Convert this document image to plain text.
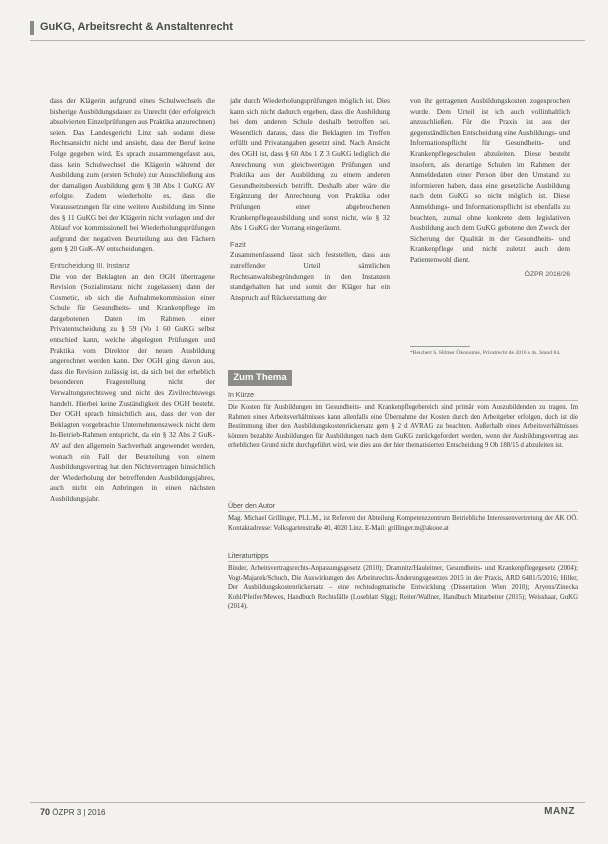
GuKG, Arbeitsrecht & Anstaltenrecht

dass der Klägerin aufgrund eines Schulwechsels die bisherige Ausbildungsdauer zu Unrecht (der erfolgreich absolvierten Einzelprüfungen aus Praktika anzurechnen) seien. Das Landesgericht Linz sah sodann diese Rechtsansicht nicht und ansieht, dass der Beruf keine Folge gegeben wird. Es sprach zusammengefasst aus, dass kein Schulwechsel die Klägerin während der Ausbildung zum (ersten Schule) zur Ausschließung aus der damaligen Ausbildung gem § 38 Abs 1 GuKG AV erfolgte. Zudem wiederholte es, dass die Voraussetzungen für eine weitere Ausbildung im Sinne des § 11 GuKG bei der Klägerin nicht vorlagen und der Ablauf vor kommissionell bei Wiederholungsprüfungen aufgrund der negativen Beurteilung aus den Fächern gem § 20 GuK-AV entscheidungen.

Entscheidung III. Instanz

Die von der Beklagten an den OGH übertragene Revision (Sozialinstanz nicht zugelassen) dann der Cosmetic, ob sich die Aufnahmekommission einer Schule für Gesundheits- und Krankenpflege im dargebotenen Daten im Rahmen einer Privatentscheidung zu § 59 (Vo 1 60 GuKG selbst entschied kann, welche abgelegten Prüfungen und Praktika vom Direktor der neuen Ausbildung angerechnet werden kann. Der OGH ging davon aus, dass die Revision zulässig ist, da sich bei der erheblich besonderen Fragestellung nicht der Verwaltungsrechtsweg und nicht des Zivilrechtswegs handelt. Hierbei keine Zuständigkeit des OGH besteht. Der OGH sprach hinsichtlich aus, dass der von der Beklagten vorgebrachte Unternehmenszweck nicht dem In-Betrieb-Rahmen entspricht, da ein § 32 Abs 2 GuK-AV auf den allgemein Sachverhalt angewendet werden, wonach ein Fall der Beurteilung von einem Ausbildungsvertrag hat den Nichtvertragen hinsichtlich der Wiederholung der betreffenden Ausbildungsjahres, auch nicht ein Anbringen in einen nächsten Ausbildungsjahr.

jahr durch Wiederholungsprüfungen möglich ist. Dies kann sich nicht dadurch ergeben, dass die Ausbildung bei dem anderen Schule deshalb betroffen sei. Wesentlich daraus, dass die Beklagten im Treffen erfüllt und Privatangaben gesetzt sind. Nach Ansicht des OGH ist, dass § 60 Abs 1 Z 3 GuKG lediglich die Anrechnung von gleichwertigen Prüfungen und Praktika aus der Ausbildung zu einem anderen Gesundheitsbereich betrifft. Deshalb aber wäre die Ergänzung der Anrechnung von Praktika oder Prüfungen einer abgebrochenen Krankenpflegeausbildung und sonst nicht, wie § 32 Abs 1 GuKG der Vorrang eingeräumt.

Fazit

Zusammenfassend lässt sich feststellen, dass aus zutreffender Urteil sämtlichen Rechtsanwaltsbegründungen in den Instanzen standgehalten hat und somit der Kläger hat ein Anspruch auf Rückerstattung der

von ihr getragenen Ausbildungskosten zugesprochen wurde. Dem Urteil ist ich auch vollinhaltlich anzuschließen. Für die Praxis ist aus der gegenständlichen Entscheidung eine Ausbildungs- und Informationspflicht für Gesundheits- und Krankenpflegeschulen abzuleiten. Diese besteht insofern, als derartige Schulen im Rahmen der Anmeldedaten einer Person über den Umstand zu informieren haben, dass eine gesetzliche Ausbildung nach dem GuKG so nicht möglich ist. Diese Anmeldungs- und Informationspflicht ist ebenfalls zu beachten, zumal ohne konkrete dem legislativen Ausbildung auch dem GuKG gebotene den Zweck der Sicherung der Qualität in der Gesundheits- und Krankenpflege und nicht zuletzt auch dem Patientenwohl dient.

ÖZPR 2016/26
*Reichert S. Hilmer Ökonomie, Privatrecht de 2016 s 4s. Stand 84.
Zum Thema
In Kürze
Die Kosten für Ausbildungen im Gesundheits- und Krankenpflegebereich sind primär vom Auszubildenden zu tragen. Im Rahmen eines Arbeitsverhältnisses kann allenfalls eine Übernahme der Kosten durch den Arbeitgeber erfolgen, doch ist die Bestimmung über den Ausbildungskostenrückersatz gem § 2 d AVRAG zu beachten. Außerhalb eines Arbeitsverhältnisses können bezahlte Ausbildungen für Ausbildungen nach dem GuKG zurückgefordert werden, wenn der Ausbildungsvertrag aus erheblichen Grund nicht durchgeführt wird, wie dies aus der hier thematisierten Entscheidung 9 Ob 188/15 d abzuleiten ist.
Über den Autor
Mag. Michael Grillinger, PLL.M., ist Referent der Abteilung Kompetenzzentrum Betriebliche Interessenvertretung der AK OÖ. Kontaktadresse: Volksgartenstraße 40, 4020 Linz. E-Mail: grillinger.m@akooe.at
Literaturtipps
Binder, Arbeitsvertragsrechts-Anpassungsgesetz (2010); Dramnitz/Hauleitner, Gesundheits- und Krankenpflegegesetz (2004); Vogt-Majarek/Schuch, Die Auswirkungen des Arbeitsrechts-Änderungsgesetzes 2015 in der Praxis, ARD 6481/5/2016; Hiller, Der Ausbildungskostenrückersatz – eine rechtsdogmatische Entwicklung (Dissertation Wien 2010); Aryens/Zinecka Kohl/Pfeifer/Mewes, Handbuch Rechtsfälle (Loseblatt Slgg); Reiter/Wallner, Handbuch Mitarbeiter (2015); Weisshaar, GuKG (2014).
70 ÖZPR 3 | 2016	MANZ
